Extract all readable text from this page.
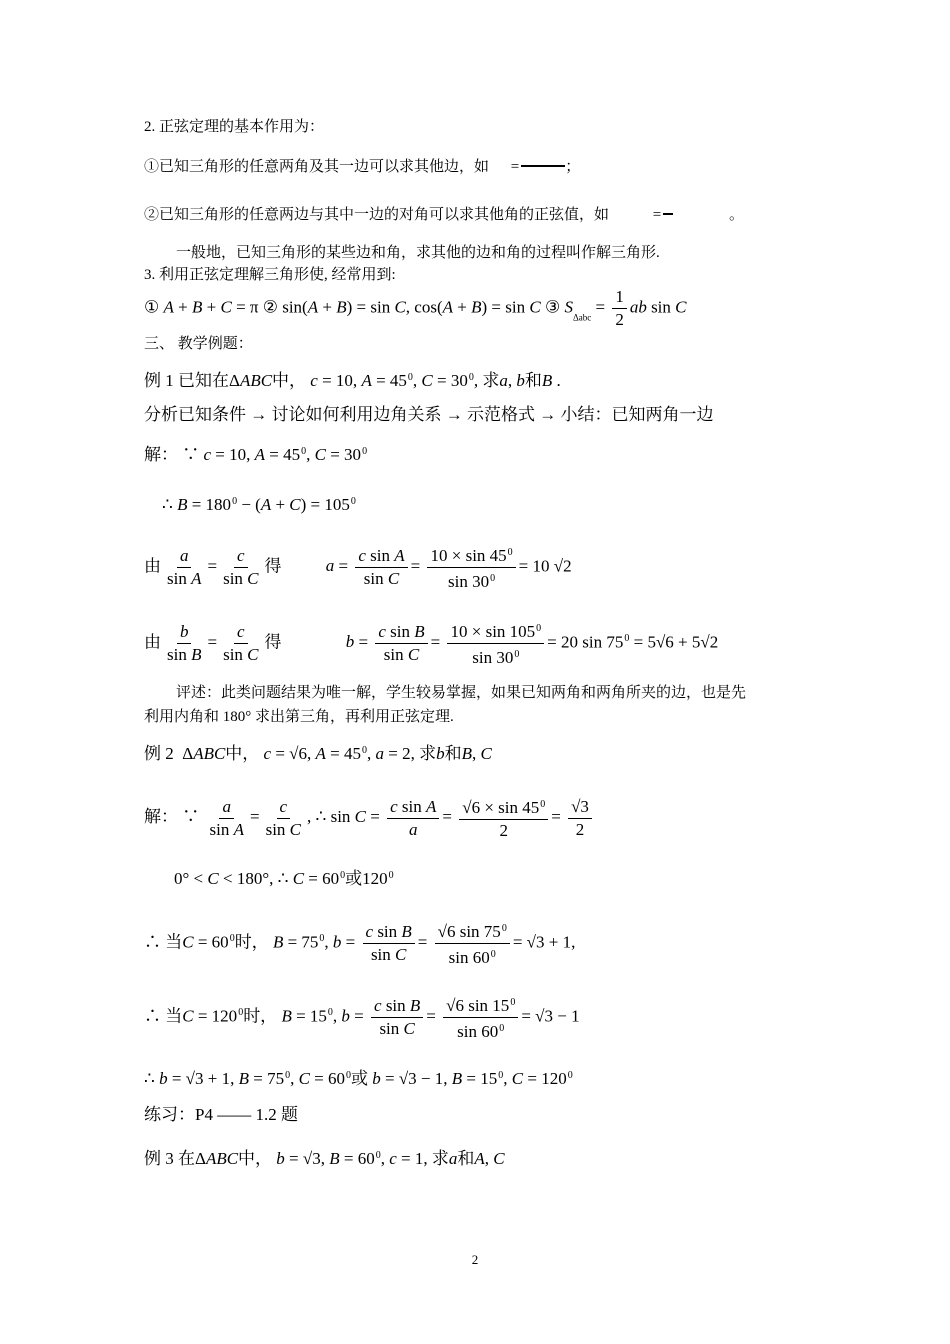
2. 正弦定理的基本作用为：
①已知三角形的任意两角及其一边可以求其他边，如 =	；
②已知三角形的任意两边与其中一边的对角可以求其他角的正弦值，如	=	。
一般地，已知三角形的某些边和角，求其他的边和角的过程叫作解三角形.
3. 利用正弦定理解三角形使, 经常用到:
① A + B + C = π ② sin(A + B) = sin C, cos(A + B) = sin C ③ $S_{\Delta abc} = \frac{1}{2}$ ab sin C
三、 教学例题：
例 1 已知在ΔABC中， c = 10, $A = 45^0$, $C = 30^0$, 求a, b和B .
分析已知条件 → 讨论如何利用边角关系 → 示范格式 → 小结：已知两角一边
解： ∵ c = 10, $A = 45^0$, $C = 30^0$
∴ $B = 180^0 - (A + C) = 105^0$
由 $\frac{a}{\text{sin A}} = \frac{c}{\text{sin C}}$ 得	$a = \frac{\text{c sin A}}{\text{sin C}} = \frac{10 \times \sin 45^0}{\sin 30^0} = 10$ √2
由 $\frac{b}{\text{sin B}} = \frac{c}{\text{sin C}}$ 得	$b = \frac{\text{c sin B}}{\text{sin C}} = \frac{10 \times \sin 105^0}{\sin 30^0} = 20$ $\sin 75^0 = 5√6 + 5√2$
评述：此类问题结果为唯一解，学生较易掌握，如果已知两角和两角所夹的边，也是先
利用内角和 180° 求出第三角，再利用正弦定理.
例 2  ΔABC中， c = √6, $A = 45^0$, a = 2, 求b和B, C
解： ∵ $\frac{a}{\text{sin A}} = \frac{c}{\text{sin C}}$ , ∴ $\sin C = \frac{\text{c sin A}}{a} = \frac{√6 \times \sin 45^0}{2} = \frac{√3}{2}$
0° < C < 180°, ∴ $C = 60^0$或$120^0$
∴ 当$C = 60^0$时， $B = 75^0$, $b = \frac{\text{c sin B}}{\text{sin C}} = \frac{√6 \sin 75^0}{\sin 60^0} = √3 + 1$,
∴ 当$C = 120^0$时， $B = 15^0$, $b = \frac{\text{c sin B}}{\text{sin C}} = \frac{√6 \sin 15^0}{\sin 60^0} = √3 - 1$
∴ b = √3 + 1, $B = 75^0$, $C = 60^0$或 b = √3 − 1, $B = 15^0$, $C = 120^0$
练习：P4 —— 1.2 题
例 3 在ΔABC中， b = √3, $B = 60^0$, c = 1, 求a和A, C
2
